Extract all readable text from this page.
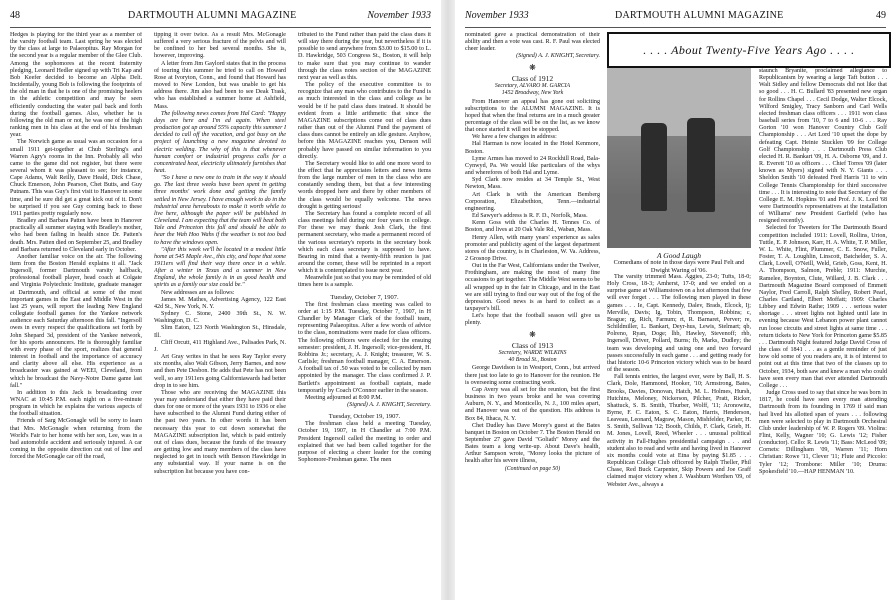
48	DARTMOUTH ALUMNI MAGAZINE	November 1933

Hedges is playing for the third year as a member of the varsity football team. Last spring he was elected by the class at large to Palaeopitus. Ray Morgan for the second year is a regular member of the Glee Club. Among the sophomores at the recent fraternity pledging, Leonard Hedler signed up with Tri Kap and Bob Keefer decided to become an Alpha Delt. Incidentally, young Bob is following the footprints of the old man in that he is one of the promising heelers in the athletic competition and may be seen efficiently conducting the water pail back and forth during the football games. Also, whether he is following the old man or not, he was one of the high ranking men in his class at the end of his freshman year.

The Norwich game as usual was an occasion for a small 1911 get-together at Chub Sterling's and Warren Agry's rooms in the Inn. Probably all who came to the game did not register, but there were several whom it was pleasant to see; for instance, Cape Adams, Walt Reilly, Dave Heald, Dick Chase, Chuck Emerson, John Pearson, Chet Butts, and Guy Putnam. This was Guy's first visit to Hanover in some time, and he sure did get a great kick out of it. Don't be surprised if you see Guy coming back to these 1911 parties pretty regularly now.

Bradley and Barbara Patten have been in Hanover practically all summer staying with Bradley's mother, who had been failing in health since Dr. Patten's death. Mrs. Patten died on September 25, and Bradley and Barbara returned to Cleveland early in October.

Another familiar voice on the air. The following item from the Boston Herald explains it all. "Jack Ingersoll, former Dartmouth varsity halfback, professional football player, head coach at Colgate and Virginia Polytechnic Institute, graduate manager at Dartmouth, and official at some of the most important games in the East and Middle West in the last 25 years, will report the leading New England collegiate football games for the Yankee network audience each Saturday afternoon this fall. "Ingersoll owes in every respect the qualifications set forth by John Shepard 3d, president of the Yankee network, for his sports announcers. He is thoroughly familiar with every phase of the sport, realizes that general interest in football and the importance of accuracy and clarity above all else. His experience as a broadcaster was gained at WEEI, Cleveland, from which he broadcast the Navy-Notre Dame game last fall."

In addition to this Jack is broadcasting over WNAC at 10:45 P.M. each night on a five-minute program in which he explains the various aspects of the football situation.

Friends of Sarg McGonagle will be sorry to learn that Mrs. McGonagle when returning from the World's Fair to her home with her son, Lee, was in a bad automobile accident and seriously injured. A car coming in the opposite direction cut out of line and forced the McGonagle car off the road,

tipping it over twice. As a result Mrs. McGonagle suffered a very serious fracture of the pelvis and will be confined to her bed several months. She is, however, improving.

A letter from Jim Gaylord states that in the process of touring this summer he tried to call on Howard Rose at Ivoryton, Conn., and found that Howard has moved to New London, but was unable to get his address there. Jim also had been to see Deak Trask, who has established a summer home at Ashfield, Mass.

The following news comes from Hal Card: "Happy days are here and I'm ed again. When steel production got up around 55% capacity this summer I decided to call off the vacation, and got busy on the project of launching a new magazine devoted to electric welding. The why of this is that whenever human comfort or industrial progress calls for a concentrated heat, electricity ultimately furnishes that heat.

"So I have a new one to train in the way it should go. The last three weeks have been spent in getting three months' work done and getting the family settled in New Jersey. I have enough work to do in the industrial area hereabouts to make it worth while to live here, although the paper will be published in Cleveland. I am expecting that the team will beat both Yale and Princeton this fall and should be able to hear the Wah Hoo Wahs if the weather is not too bad to have the windows open.

"After this week we'll be located in a modest little home at 545 Maple Ave., this city, and hope that some 1911ers will find their way there once in a while. After a winter in Texas and a summer in New England, the whole family is in as good health and spirits as a family our size could be."

New addresses are as follows:

James M. Mathes, Advertising Agency, 122 East 42d St., New York, N. Y.

Sydney C. Stone, 2400 39th St., N. W. Washington, D. C.

Slim Eaton, 123 North Washington St., Hinsdale, Ill.

Cliff Orcutt, 411 Highland Ave., Palisades Park, N. J.

Art Gray writes in that he sees Ray Taylor every six months, also Walt Gibson, Jerry Barnes, and now and then Pete Desbon. He adds that Pete has not been well, so any 1911ers going Californiawards had better drop in to see him.

Those who are receiving the MAGAZINE this year may understand that either they have paid their dues for one or more of the years 1931 to 1936 or else have subscribed to the Alumni Fund during either of the past two years. In other words it has been necessary this year to cut down somewhat the MAGAZINE subscription list, which is paid entirely out of class dues, because the funds of the treasury are getting low and many members of the class have neglected to get in touch with Benson Hawkridge in any substantial way. If your name is on the subscription list because you have con-

tributed to the Fund rather than paid the class dues it will stay there during the year, but nevertheless if it is possible to send anywhere from $3.00 to $15.00 to L. D. Hawkridge, 503 Congress St., Boston, it will help to make sure that you may continue to wander through the class notes section of the MAGAZINE next year as well as this.

The policy of the executive committee is to recognize that any man who contributes to the Fund is as much interested in the class and college as he would be if he paid class dues instead. It should be evident from a little arithmetic that since the MAGAZINE subscriptions come out of class dues rather than out of the Alumni Fund the payment of class dues cannot be entirely an idle gesture. Anyhow, before this MAGAZINE reaches you, Denson will probably have passed on similar information to you directly.

The Secretary would like to add one more word to the effect that he appreciates letters and news items from the large number of men in the class who are constantly sending them, but that a few interesting words dropped here and there by other members of the class would be equally welcome. The news drought is getting serious!

The Secretary has found a complete record of all class meetings held during our four years in college. For these we may thank Josh Clark, the first permanent secretary, who made a permanent record of the various secretary's reports in the secretary book which each class secretary is supposed to have. Bearing in mind that a twenty-fifth reunion is just around the corner, these will be reprinted in a report which it is contemplated to issue next year.

Meanwhile just so that you may be reminded of old times here is a sample.

Tuesday, October 7, 1907.

The first freshman class meeting was called to order at 1:15 P.M. Tuesday, October 7, 1907, in H Chandler by Manager Clark of the football team, representing Palaeopitus. After a few words of advice to the class, nominations were made for class officers. The following officers were elected for the ensuing semester: president, J. H. Ingersoll; vice-president, H. Robbins Jr.; secretary, A. J. Knight; treasurer, W. S. Carlisle; freshman football manager, C. A. Emerson. A football tax of .50 was voted to be collected by men appointed by the manager. The class confirmed J. P. Bartlett's appointment as football captain, made temporarily by Coach O'Connor earlier in the season.

Meeting adjourned at 8:00 P.M.

(Signed) A. J. KNIGHT, Secretary.
Tuesday, October 19, 1907.

The freshman class held a meeting Tuesday, October 19, 1907, in H Chandler at 7:00 P.M. President Ingersoll called the meeting to order and explained that we had been called together for the purpose of electing a cheer leader for the coming Sophomore-Freshman game. The men

November 1933	DARTMOUTH ALUMNI MAGAZINE	49

nominated gave a practical demonstration of their ability and then a vote was cast. R. F. Paul was elected cheer leader.

(Signed) A. J. KNIGHT, Secretary.
❋
Class of 1912
Secretary, ALVARO M. GARCIA
1452 Broadway, New York

From Hanover an appeal has gone out soliciting subscriptions to the ALUMNI MAGAZINE. It is hoped that when the final returns are in a much greater percentage of the class will be on the list, as we know that once started it will not be stopped.

We have a few changes in address:

Hal Harman is now located in the Hotel Kenmore, Boston.

Lyme Armes has moved to 24 Rockhill Road, Bala-Cynwyd, Pa. We would like particulars of the whys and wherefores of both Hal and Lyme.

Syd Clark now resides at 34 Temple St., West Newton, Mass.

Art Clark is with the American Bemberg Corporation, Elizabethton, Tenn.—industrial engineering.

Ed Sawyer's address is R. F. D., Norfolk, Mass.

Kenn Goss with the Charles H. Tennes Co. of Boston, and lives at 20 Oak Vale Rd., Waban, Mass.

Henry Allen, with many years' experience as sales promoter and publicity agent of the largest department stores of the country, is in Charleston, W. Va. Address, 2 Grosnop Drive.

Out in the Far West, Californians under the Twelver, Frothingham, are making the most of many fine occasions to get together. The Middle West seems to be all wrapped up in the fair in Chicago, and in the East we are still trying to find our way out of the fog of the depression. Good news is as hard to collect as a taxpayer's bill.

Let's hope that the football season will give us plenty.

❋
Class of 1913
Secretary, WARDE WILKINS
40 Broad St., Boston

George Davidson is in Westport, Conn., but arrived there just too late to go to Hanover for the reunion. He is overseeing some contracting work.

Cap Avery was all set for the reunion, but the first business in two years broke and he was covering Auburn, N. Y., and Monticello, N. J., 100 miles apart, and Hanover was out of the question. His address is Box 84, Ithaca, N. Y.

Chet Dudley has Dave Morey's guest at the Bates banquet in Boston on October 7. The Boston Herald on September 27 gave David "Goliath" Morey and the Bates team a long write-up. About Dave's health, Arthur Sampson wrote, "Morey looks the picture of health after his severe illness,

(Continued on page 50)
. . . . About Twenty-Five Years Ago . . . .
A Good Laugh
Comedians of note in those days were Paul Felt and Dwight Waring of '06.

The varsity trimmed Mass. Aggies, 23-0; Tufts, 18-0; Holy Cross, 18-3; Amherst, 17-0; and we ended on a surprise game at Williamstown on a hot afternoon that few will ever forget . . . The following men played in these games . . . Ie, Capt. Kennedy, Dalev, Brads, Elcock, Ij; Merville, Davis; Ig, Tobin, Thompson, Robbins; c, Brague; rg, Rich, Farnum; rt, R. Barnaret, Perver; re, Schildmiller, L. Bankart, Deyr-hus, Lewis, Stelmart; qb, Polreno, Ryan, Doge; lhb, Hawley, Stevenoff; rhb, Ingersoll, Driver, Pollard, Burns; fb, Marks, Dudley; the team was developing and using one and two forward passes successfully in each game . . . and getting ready for that historic 10-6 Princeton victory which was to be heard of the season.

Fall tennis entries, the largest ever, were by Ball, H. S. Clark, Dole, Hammond, Hooker, '10; Armstrong, Bates, Brooks, Davies, Donovan, Hatch, M. L. Holmes, Hursh, Hutchins, Meloney, Nickerson, Pilcher, Pratt, Ricker, Shattuck, S. B. Smith, Thurber, Wolff, '11; Aronowitz, Byrne, F. C. Eaton, S. C. Eaton, Harris, Henderson, Leaveau, Leonard, Magraw, Mason, Mishfelder, Parker, H. S. Smith, Sullivan '12; Booth, Childs, F. Clark, Grieb, H. M. Jones, Lovell, Reed, Wheeler . . . unusual political activity in Fall-Hughes presidential campaign . . . and student also to read and write and having lived in Hanover six months could vote at Etna by paying $1.85 . . . Republican College Club officered by Ralph Theller, Phil Chase, Red Buck Carpenter, Skip Powers and Joe Graff claimed major victory when J. Washburn Worthen '09, of Webster Ave., always a

staunch Bryanite, proclaimed allegiance to Republicanism by wearing a large Taft button . . . Walt Sidley and fellow Democrats did not like that so good . . . H. C. Bullard '83 presented new organ for Rollins Chapel . . . Cecil Dodge, Walter Elcock, Wilford Smigley, Tracy Sanborn and Carl Wells elected freshman class officers . . . 1911 won class baseball series from '10, 7 to 6 and 10-6 . . . Ray Gorton '10 won Hanover Country Club Golf Championship . . . Art Lord '10 upset the dope by defeating Capt. Heinie Stucklen '09 for College Golf Championship . . . Dartmouth Press Club elected H. R. Bankart '09, H. A. Osborne '09, and J. R. Everett '10 as officers . . . Chief Torres '09 (later known as Myers) signed with N. Y. Giants . . . Sheldon Smith '10 defeated Fred Harris '11 to win College Tennis Championship for third successive time . . . It is interesting to note that Secretary of the College E. M. Hopkins '01 and Prof. J. K. Lord '68 were Dartmouth's representatives at the installation of Williams' new President Garfield (who has resigned recently).

Selected for Tweeters for The Dartmouth Board competition included 1911: Lovell, Rollins, Urion, Tuttle, E. P. Johnson, Karr, H. A. White, T. P. Miller, W. L. White, Flint, Plummer, C. E. Snow, Fuller, Foster, T. A. Loughlin, Linscott, Batchelder, S. A. Clark, Lovell, O'Neill, Weld, Grieb, Goss, Kent, H. A. Thompson, Salmon, Preble; 1911: Murchie, Ramelee, Boynton, Clute, Willard, J. B. Clark . . . Dartmouth Magazine Board composed of Emmett Naylor, Fred Carroll, Ralph Shelley, Robert Pearl, Charles Cartland, Elbert Moffatt; 1909: Charles Libbey and Edwin Rathe; 1909 . . . serious water shortage . . . street lights not lighted until late in evening because West Lebanon power plant cannot run loose circuits and street lights at same time . . . return tickets to New York for Princeton game $5.85 . . . Dartmouth Night featured Judge David Cross of the class of 1841 . . . as a gentle reminder of just how old some of you readers are, it is of interest to point out at this time that two of the classes up to October, 1934, both saw and knew a man who could have seen every man that ever attended Dartmouth College . . .

Judge Cross used to say that since he was born in 1817, he could have seen every man attending Dartmouth from its founding in 1769 if said man had lived his allotted span of years . . . following men were selected to play in Dartmouth Orchestral Club under leadership of W. P. Rogers '09. Violins: Flint, Kelly, Wagner '10; G. Lewis '12; Fisher (conductor). Cello: R. Lewis '11; Bass: McLeod '09; Cornets: Dillingham '09, Warren '11; Horn Christian: Rowe '11, Clever '11; Flute and Piccolo: Tyler '12; Trombone: Miller '10; Drums: Spokesfield '10.—HAP HENMAN '10.
